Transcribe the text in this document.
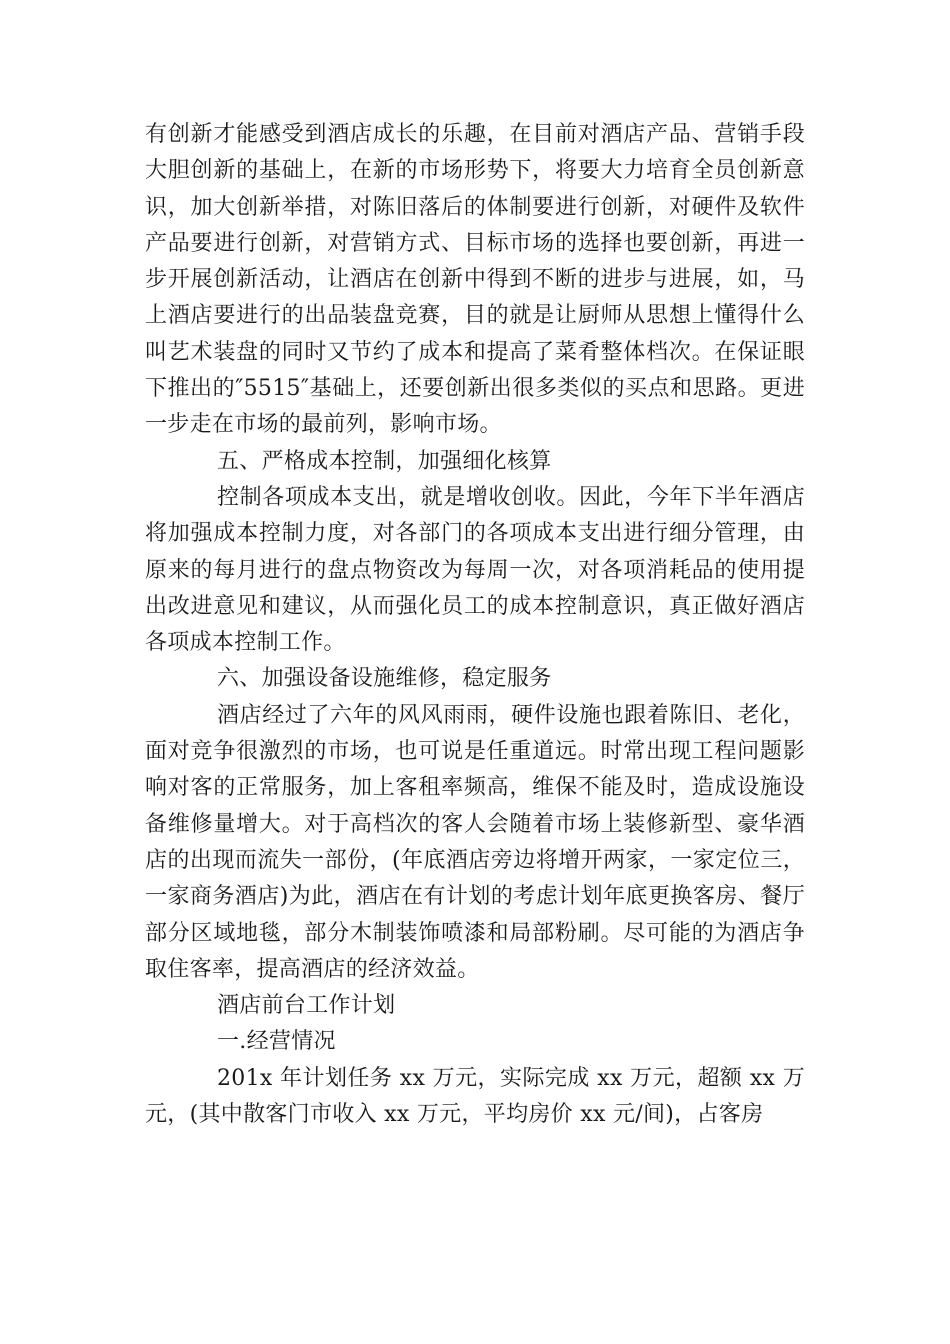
有创新才能感受到酒店成长的乐趣，在目前对酒店产品、营销手段大胆创新的基础上，在新的市场形势下，将要大力培育全员创新意识，加大创新举措，对陈旧落后的体制要进行创新，对硬件及软件产品要进行创新，对营销方式、目标市场的选择也要创新，再进一步开展创新活动，让酒店在创新中得到不断的进步与进展，如，马上酒店要进行的出品装盘竞赛，目的就是让厨师从思想上懂得什么叫艺术装盘的同时又节约了成本和提高了菜肴整体档次。在保证眼下推出的″5515″基础上，还要创新出很多类似的买点和思路。更进一步走在市场的最前列，影响市场。

五、严格成本控制，加强细化核算

控制各项成本支出，就是增收创收。因此，今年下半年酒店将加强成本控制力度，对各部门的各项成本支出进行细分管理，由原来的每月进行的盘点物资改为每周一次，对各项消耗品的使用提出改进意见和建议，从而强化员工的成本控制意识，真正做好酒店各项成本控制工作。

六、加强设备设施维修，稳定服务

酒店经过了六年的风风雨雨，硬件设施也跟着陈旧、老化，面对竞争很激烈的市场，也可说是任重道远。时常出现工程问题影响对客的正常服务，加上客租率频高，维保不能及时，造成设施设备维修量增大。对于高档次的客人会随着市场上装修新型、豪华酒店的出现而流失一部份，(年底酒店旁边将增开两家，一家定位三，一家商务酒店)为此，酒店在有计划的考虑计划年底更换客房、餐厅部分区域地毯，部分木制装饰喷漆和局部粉刷。尽可能的为酒店争取住客率，提高酒店的经济效益。

酒店前台工作计划

一.经营情况

201x 年计划任务 xx 万元，实际完成 xx 万元，超额 xx 万元，(其中散客门市收入 xx 万元，平均房价 xx 元/间)，占客房
